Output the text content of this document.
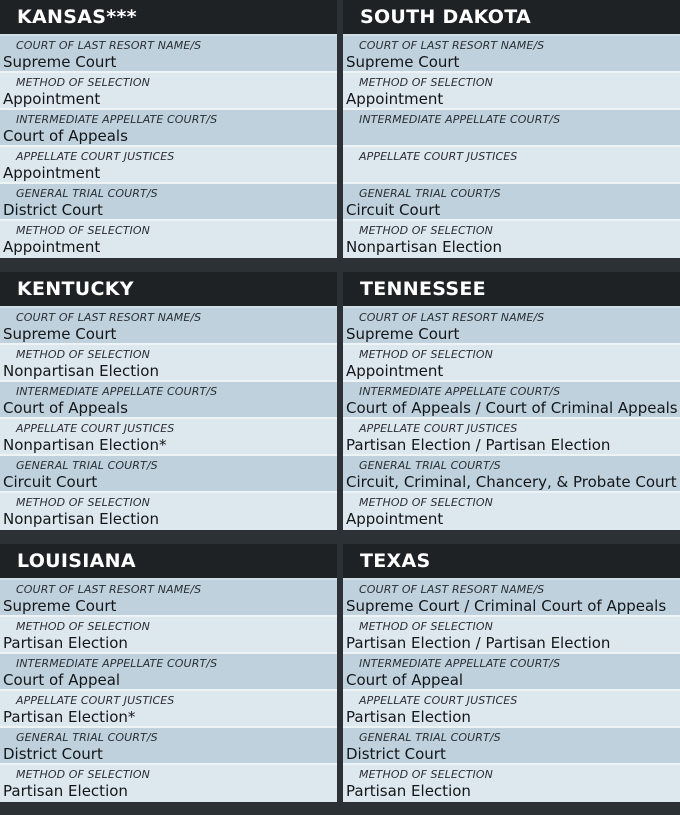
KANSAS***
COURT OF LAST RESORT NAME/S
Supreme Court
METHOD OF SELECTION
Appointment
INTERMEDIATE APPELLATE COURT/S
Court of Appeals
APPELLATE COURT JUSTICES
Appointment
GENERAL TRIAL COURT/S
District Court
METHOD OF SELECTION
Appointment
SOUTH DAKOTA
COURT OF LAST RESORT NAME/S
Supreme Court
METHOD OF SELECTION
Appointment
INTERMEDIATE APPELLATE COURT/S
APPELLATE COURT JUSTICES
GENERAL TRIAL COURT/S
Circuit Court
METHOD OF SELECTION
Nonpartisan Election
KENTUCKY
COURT OF LAST RESORT NAME/S
Supreme Court
METHOD OF SELECTION
Nonpartisan Election
INTERMEDIATE APPELLATE COURT/S
Court of Appeals
APPELLATE COURT JUSTICES
Nonpartisan Election*
GENERAL TRIAL COURT/S
Circuit Court
METHOD OF SELECTION
Nonpartisan Election
TENNESSEE
COURT OF LAST RESORT NAME/S
Supreme Court
METHOD OF SELECTION
Appointment
INTERMEDIATE APPELLATE COURT/S
Court of Appeals / Court of Criminal Appeals
APPELLATE COURT JUSTICES
Partisan Election / Partisan Election
GENERAL TRIAL COURT/S
Circuit, Criminal, Chancery, & Probate Court
METHOD OF SELECTION
Appointment
LOUISIANA
COURT OF LAST RESORT NAME/S
Supreme Court
METHOD OF SELECTION
Partisan Election
INTERMEDIATE APPELLATE COURT/S
Court of Appeal
APPELLATE COURT JUSTICES
Partisan Election*
GENERAL TRIAL COURT/S
District Court
METHOD OF SELECTION
Partisan Election
TEXAS
COURT OF LAST RESORT NAME/S
Supreme Court / Criminal Court of Appeals
METHOD OF SELECTION
Partisan Election / Partisan Election
INTERMEDIATE APPELLATE COURT/S
Court of Appeal
APPELLATE COURT JUSTICES
Partisan Election
GENERAL TRIAL COURT/S
District Court
METHOD OF SELECTION
Partisan Election
